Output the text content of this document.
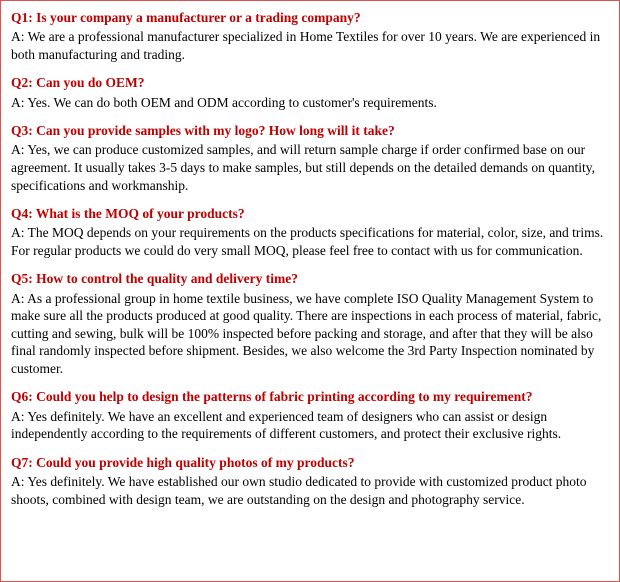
Q1: Is your company a manufacturer or a trading company?

A: We are a professional manufacturer specialized in Home Textiles for over 10 years. We are experienced in both manufacturing and trading.

Q2: Can you do OEM?

A: Yes. We can do both OEM and ODM according to customer's requirements.

Q3: Can you provide samples with my logo? How long will it take?

A: Yes, we can produce customized samples, and will return sample charge if order confirmed base on our agreement. It usually takes 3-5 days to make samples, but still depends on the detailed demands on quantity, specifications and workmanship.

Q4: What is the MOQ of your products?

A: The MOQ depends on your requirements on the products specifications for material, color, size, and trims. For regular products we could do very small MOQ, please feel free to contact with us for communication.

Q5: How to control the quality and delivery time?

A: As a professional group in home textile business, we have complete ISO Quality Management System to make sure all the products produced at good quality. There are inspections in each process of material, fabric, cutting and sewing, bulk will be 100% inspected before packing and storage, and after that they will be also final randomly inspected before shipment. Besides, we also welcome the 3rd Party Inspection nominated by customer.

Q6: Could you help to design the patterns of fabric printing according to my requirement?

A: Yes definitely. We have an excellent and experienced team of designers who can assist or design independently according to the requirements of different customers, and protect their exclusive rights.

Q7: Could you provide high quality photos of my products?

A: Yes definitely. We have established our own studio dedicated to provide with customized product photo shoots, combined with design team, we are outstanding on the design and photography service.
